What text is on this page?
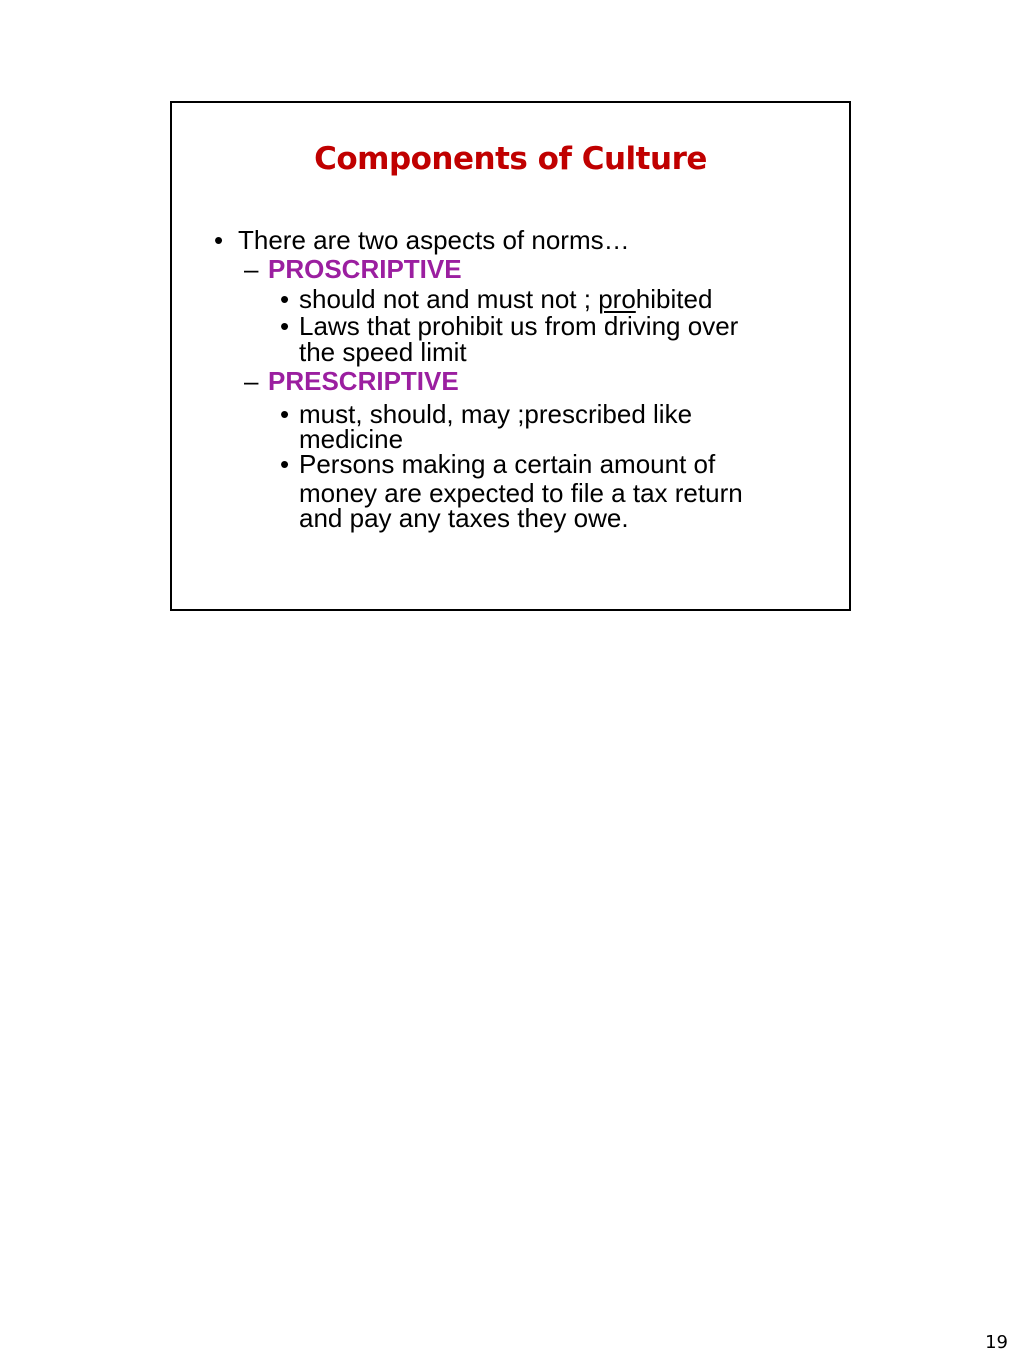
Components of Culture
• There are two aspects of norms…
– PROSCRIPTIVE
• should not and must not ; prohibited
• Laws that prohibit us from driving over
the speed limit
– PRESCRIPTIVE
• must, should, may ;prescribed like
medicine
• Persons making a certain amount of
money are expected to file a tax return
and pay any taxes they owe.
19
